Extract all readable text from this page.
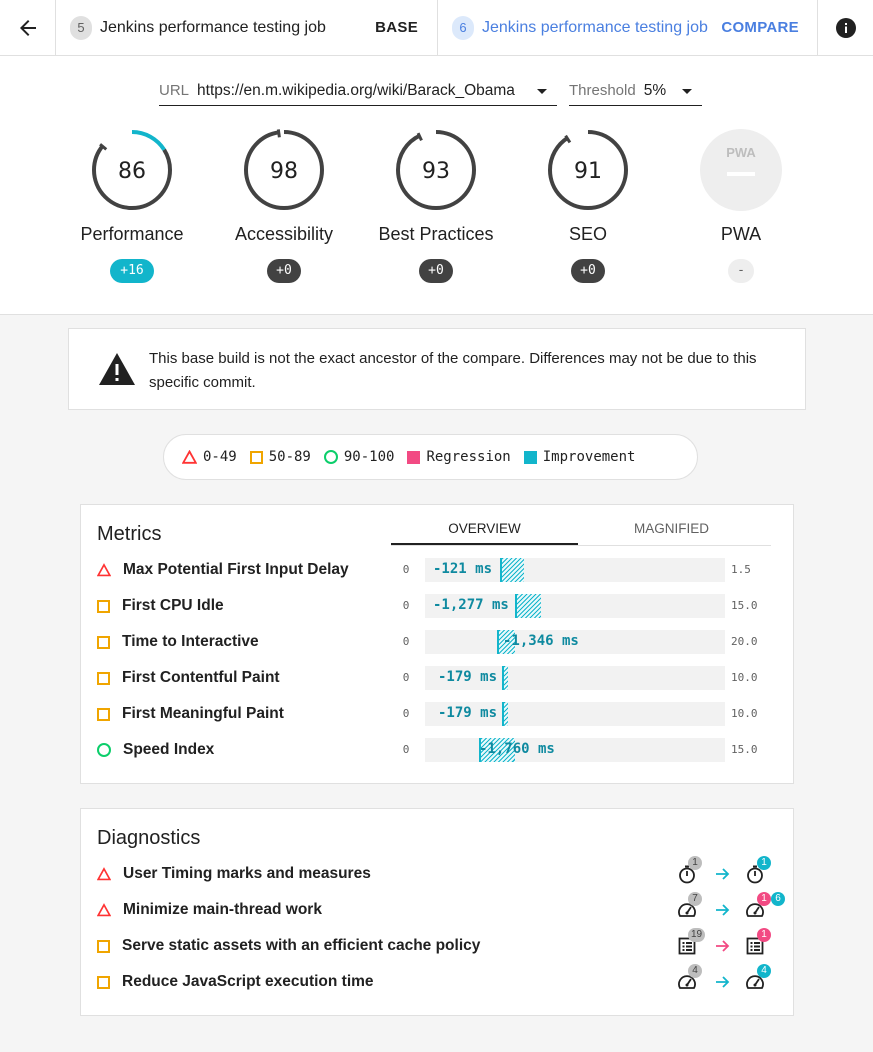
5 Jenkins performance testing job	BASE	6 Jenkins performance testing job COMPARE
URL https://en.m.wikipedia.org/wiki/Barack_Obama	Threshold 5%
86
Performance
+16
98
Accessibility
+0
93
Best Practices
+0
91
SEO
+0
PWA
PWA
-
This base build is not the exact ancestor of the compare. Differences may not be due to this specific commit.
0-49 50-89 90-100 Regression Improvement
Metrics	OVERVIEW	MAGNIFIED
Max Potential First Input Delay	0	-121 ms	1.5
First CPU Idle	0	-1,277 ms	15.0
Time to Interactive	0	-1,346 ms	20.0
First Contentful Paint	0	-179 ms	10.0
First Meaningful Paint	0	-179 ms	10.0
Speed Index	0	-1,760 ms	15.0
Diagnostics
User Timing marks and measures
1	1
Minimize main-thread work
7	1 6
Serve static assets with an efficient cache policy
19	1
Reduce JavaScript execution time
4	4
